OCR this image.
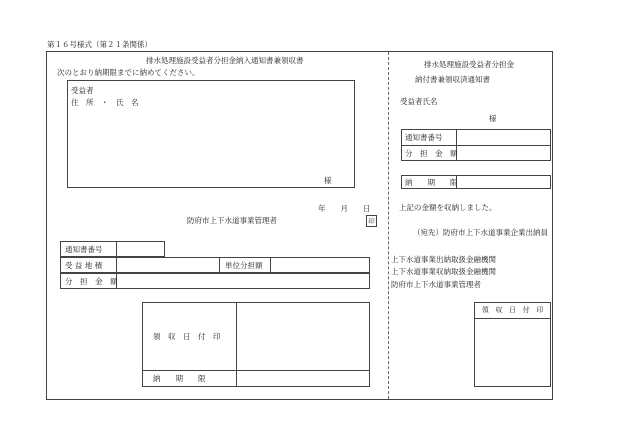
第１６号様式（第２１条関係）
排水処理施設受益者分担金納入通知書兼領収書
次のとおり納期限までに納めてください。
受益者
住　所　・　氏　名
様
年　　月　　日
防府市上下水道事業管理者	印
通知書番号
受 益 地 積	単位分担額
分　担　金　額
領　収　日　付　印
納　　期　　限
排水処理施設受益者分担金
納付書兼領収済通知書
受益者氏名
様
通知書番号
分　担　金　額
納　　期　　限
上記の金額を収納しました。
（宛先）防府市上下水道事業企業出納員
上下水道事業出納取扱金融機関
上下水道事業収納取扱金融機関
防府市上下水道事業管理者
領　収　日　付　印
